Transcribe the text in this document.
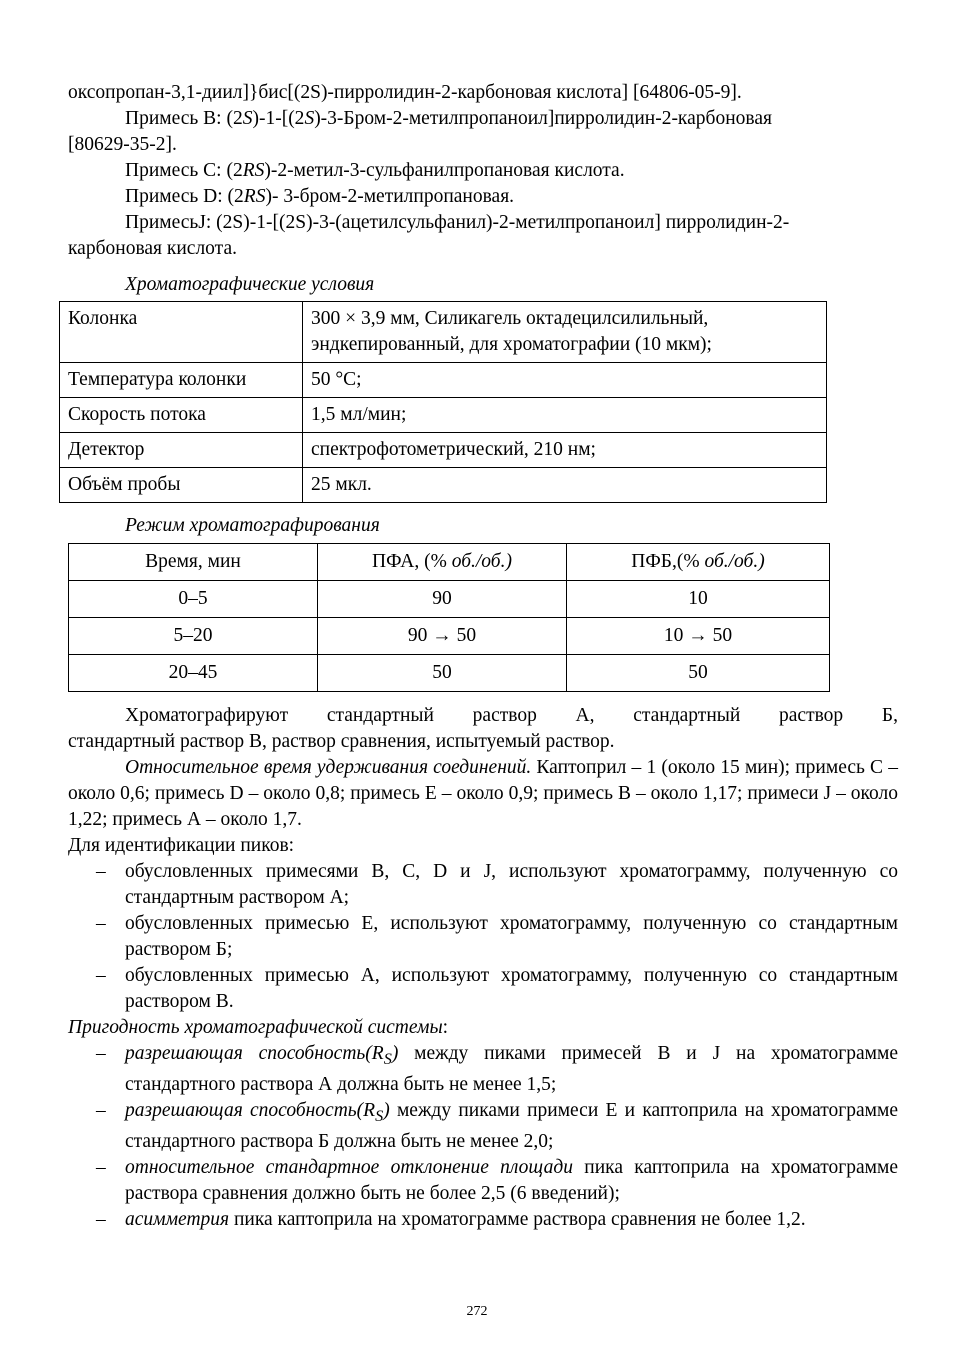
оксопропан-3,1-диил]}бис[(2S)-пирролидин-2-карбоновая кислота] [64806-05-9].

Примесь В: (2S)-1-[(2S)-3-Бром-2-метилпропаноил]пирролидин-2-карбоновая

[80629-35-2].

Примесь С: (2RS)-2-метил-3-сульфанилпропановая кислота.

Примесь D: (2RS)- 3-бром-2-метилпропановая.

ПримесьJ: (2S)-1-[(2S)-3-(ацетилсульфанил)-2-метилпропаноил] пирролидин-2-

карбоновая кислота.

Хроматографические условия

Колонка	300 × 3,9 мм, Силикагель октадецилсилильный, эндкепированный, для хроматографии (10 мкм);
Температура колонки	50 °С;
Скорость потока	1,5 мл/мин;
Детектор	спектрофотометрический, 210 нм;
Объём пробы	25 мкл.

Режим хроматографирования

Время, мин	ПФА, (% об./об.)	ПФБ,(% об./об.)
0–5	90	10
5–20	90 → 50	10 → 50
20–45	50	50

Хроматографируют стандартный раствор А, стандартный раствор Б,

стандартный раствор В, раствор сравнения, испытуемый раствор.

Относительное время удерживания соединений. Каптоприл – 1 (около 15 мин); примесь С – около 0,6; примесь D – около 0,8; примесь Е – около 0,9; примесь В – около 1,17; примеси J – около 1,22; примесь А – около 1,7.

Для идентификации пиков:

– обусловленных примесями В, С, D и J, используют хроматограмму, полученную со стандартным раствором А;
– обусловленных примесью Е, используют хроматограмму, полученную со стандартным раствором Б;
– обусловленных примесью А, используют хроматограмму, полученную со стандартным раствором В.

Пригодность хроматографической системы:

– разрешающая $способность(R_S)$ между пиками примесей В и J на хроматограмме стандартного раствора А должна быть не менее 1,5;
– разрешающая $способность(R_S)$ между пиками примеси Е и каптоприла на хроматограмме стандартного раствора Б должна быть не менее 2,0;
– относительное стандартное отклонение площади пика каптоприла на хроматограмме раствора сравнения должно быть не более 2,5 (6 введений);
– асимметрия пика каптоприла на хроматограмме раствора сравнения не более 1,2.
272
